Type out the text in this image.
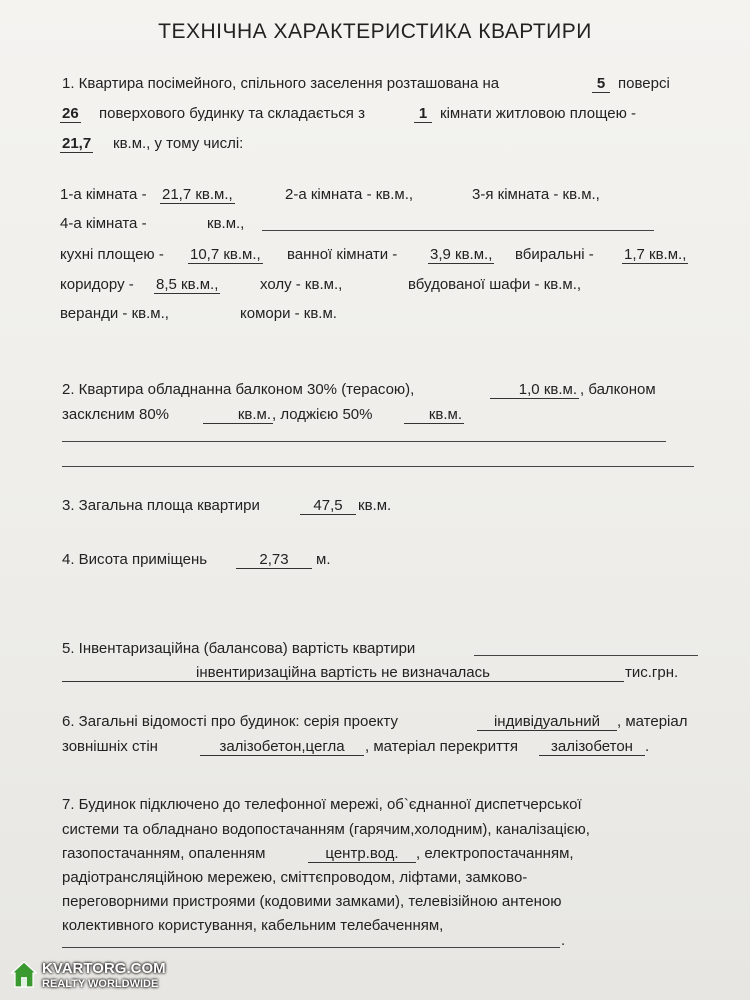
ТЕХНІЧНА ХАРАКТЕРИСТИКА КВАРТИРИ
1. Квартира посімейного, спільного заселення розташована на	5 поверсі
26 поверхового будинку та складається з	1 кімнати житловою площею -
21,7 кв.м., у тому числі:
1-а кімната - 21,7 кв.м.,	2-а кімната - кв.м.,	3-я кімната - кв.м.,
4-а кімната -	кв.м.,
кухні площею - 10,7 кв.м., ванної кімнати - 3,9 кв.м., вбиральні - 1,7 кв.м.,
коридору - 8,5 кв.м.,	холу - кв.м.,	вбудованої шафи - кв.м.,
веранди - кв.м.,	комори - кв.м.
2. Квартира обладнанна балконом 30% (терасою),	1,0 кв.м. , балконом
засклєним 80%	кв.м. , лоджією 50%	кв.м.
3. Загальна площа квартири	47,5	кв.м.
4. Висота приміщень	2,73	м.
5. Інвентаризаційна (балансова) вартість квартири
інвентиризаційна вартість не визначалась	тис.грн.
6. Загальні відомості про будинок: серія проекту	індивідуальний	, матеріал
зовнішніх стін	залізобетон,цегла	, матеріал перекриття	залізобетон .
7. Будинок підключено до телефонної мережі, об`єднанної диспетчерської
системи та обладнано водопостачанням (гарячим,холодним), каналізацією,
газопостачанням, опаленням	центр.вод.	, електропостачанням,
радіотрансляційною мережею, сміттєпроводом, ліфтами, замково-
переговорними пристроями (кодовими замками), телевізійною антеною
колективного користування, кабельним телебаченням,
.
KVARTORG.COM
REALTY WORLDWIDE
